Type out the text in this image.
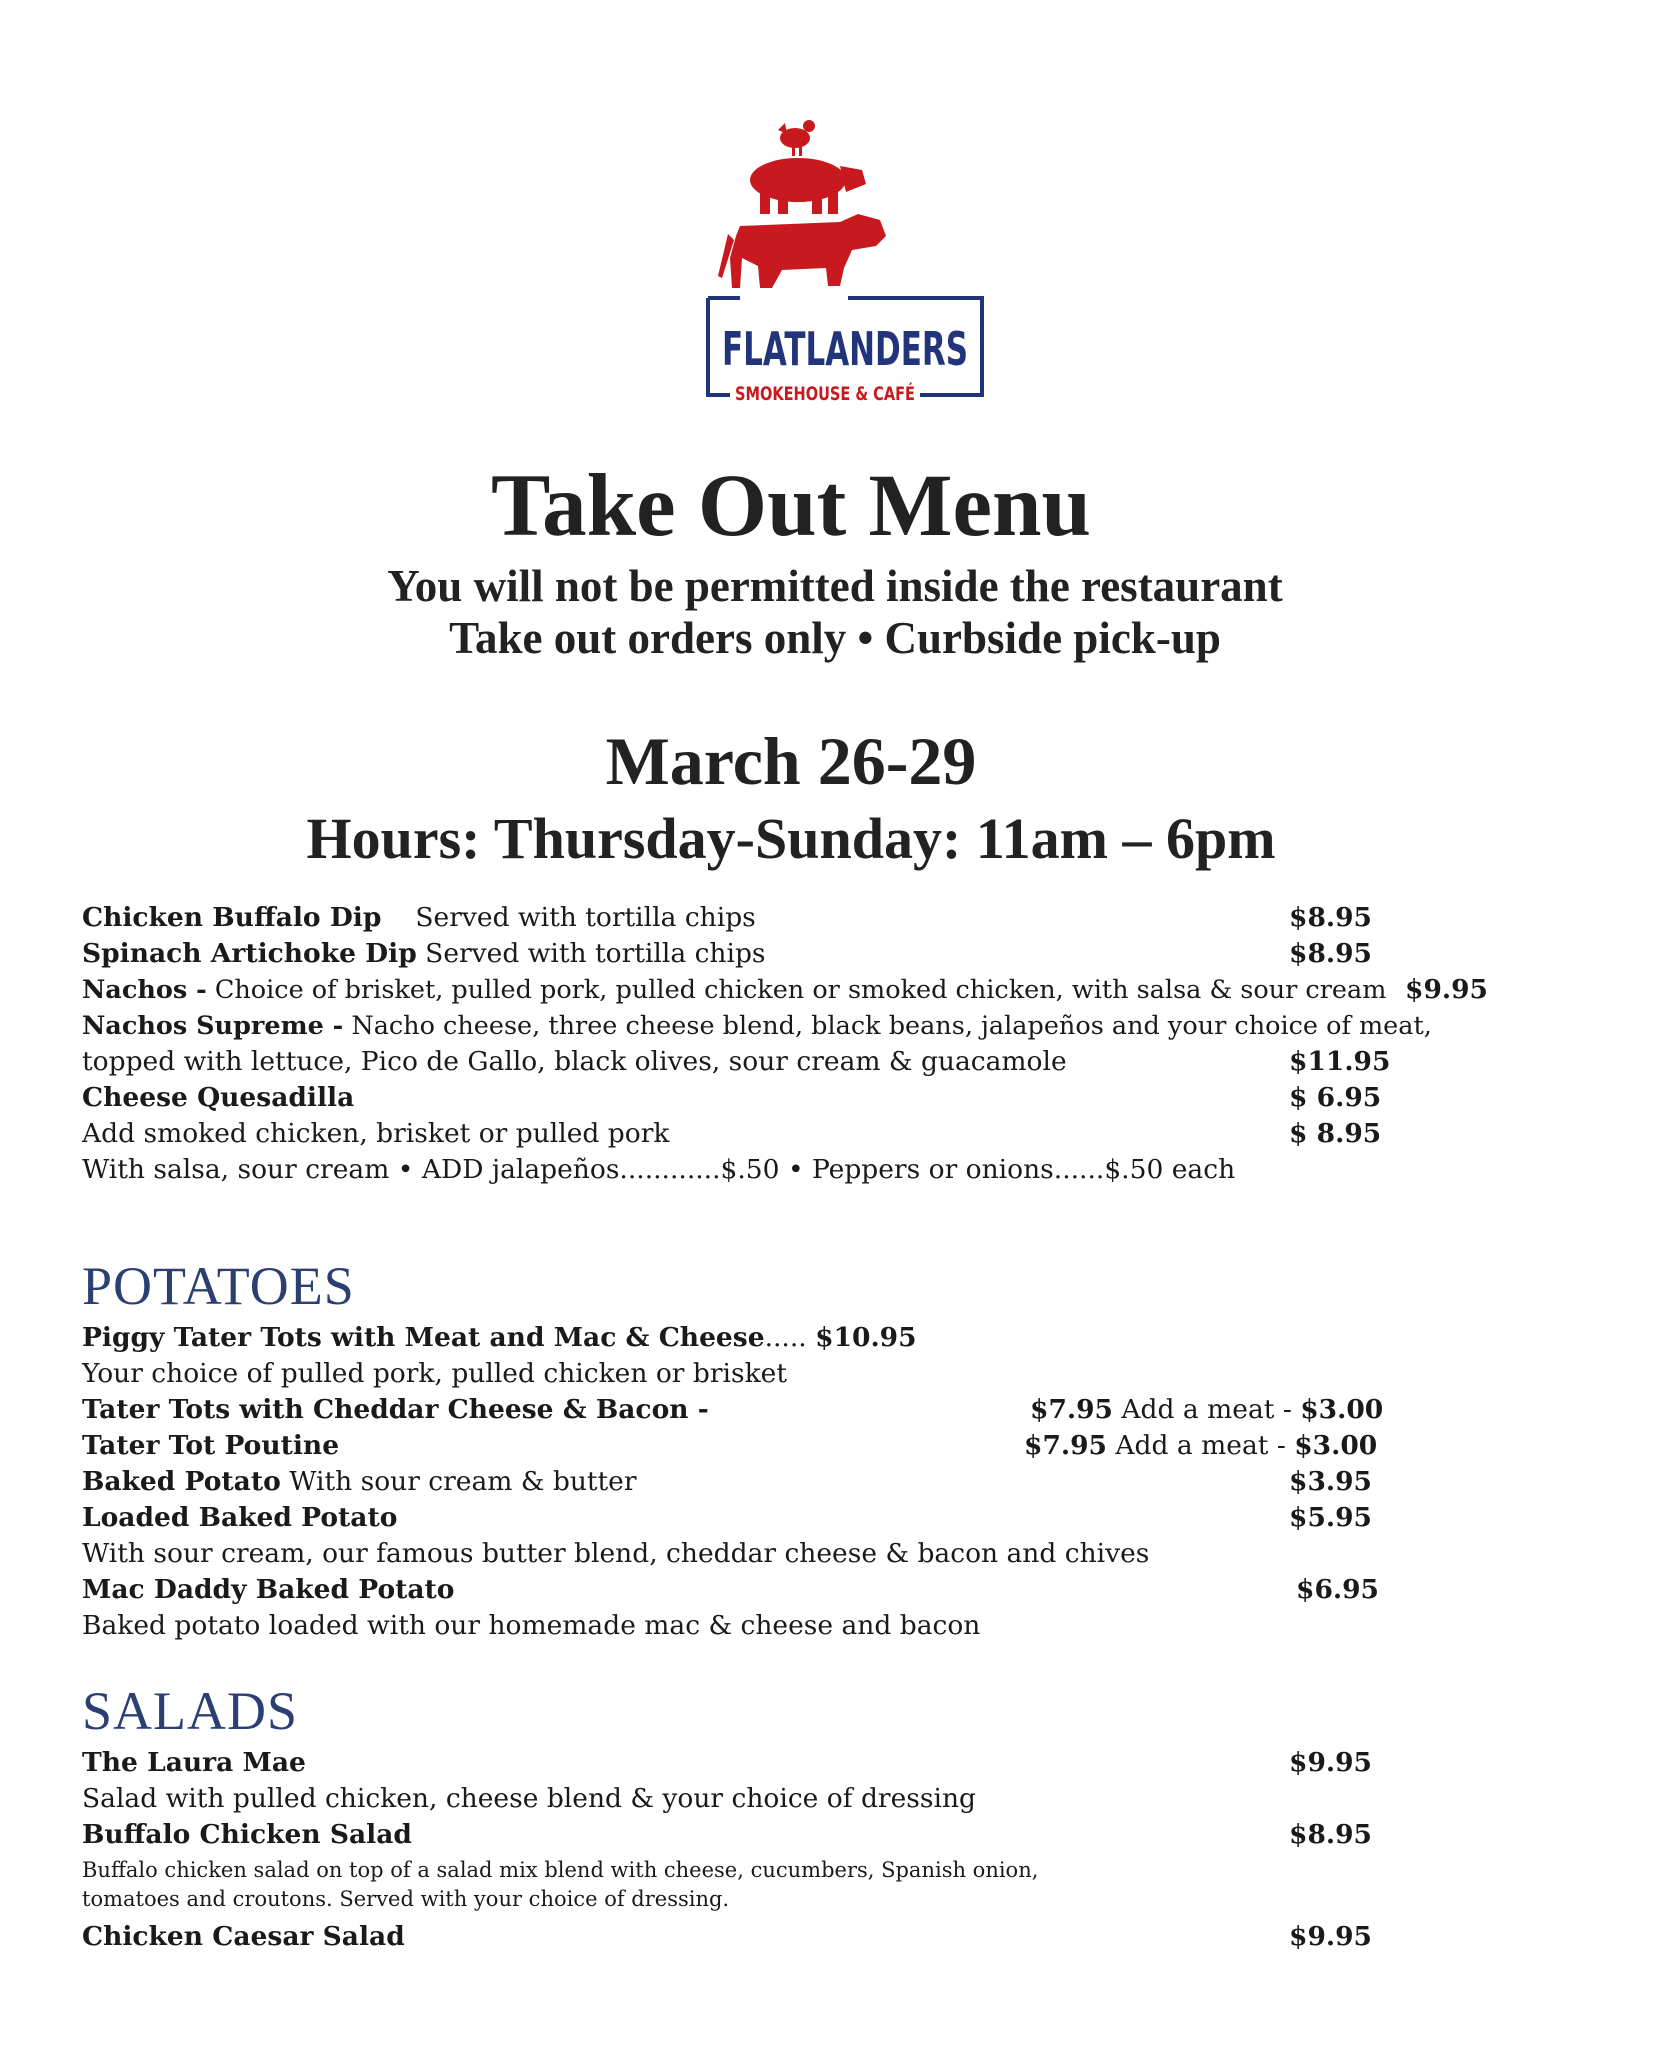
FLATLANDERS
SMOKEHOUSE & CAFÉ
Take Out Menu
You will not be permitted inside the restaurant
Take out orders only • Curbside pick-up
March 26-29
Hours: Thursday-Sunday: 11am – 6pm
Chicken Buffalo Dip Served with tortilla chips	$8.95
Spinach Artichoke Dip Served with tortilla chips	$8.95
Nachos - Choice of brisket, pulled pork, pulled chicken or smoked chicken, with salsa & sour cream $9.95
Nachos Supreme - Nacho cheese, three cheese blend, black beans, jalapeños and your choice of meat,
topped with lettuce, Pico de Gallo, black olives, sour cream & guacamole	$11.95
Cheese Quesadilla	$ 6.95
Add smoked chicken, brisket or pulled pork	$ 8.95
With salsa, sour cream • ADD jalapeños............$.50 • Peppers or onions......$.50 each
POTATOES
Piggy Tater Tots with Meat and Mac & Cheese..... $10.95
Your choice of pulled pork, pulled chicken or brisket
Tater Tots with Cheddar Cheese & Bacon -	$7.95 Add a meat - $3.00
Tater Tot Poutine	$7.95 Add a meat - $3.00
Baked Potato With sour cream & butter	$3.95
Loaded Baked Potato	$5.95
With sour cream, our famous butter blend, cheddar cheese & bacon and chives
Mac Daddy Baked Potato	$6.95
Baked potato loaded with our homemade mac & cheese and bacon
SALADS
The Laura Mae	$9.95
Salad with pulled chicken, cheese blend & your choice of dressing
Buffalo Chicken Salad	$8.95
Buffalo chicken salad on top of a salad mix blend with cheese, cucumbers, Spanish onion,
tomatoes and croutons. Served with your choice of dressing.
Chicken Caesar Salad	$9.95
